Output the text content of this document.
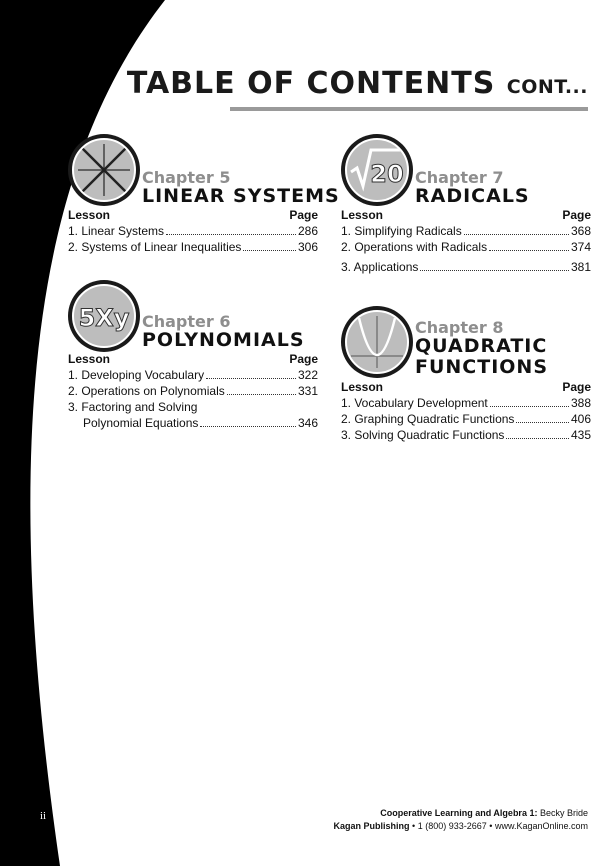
TABLE OF CONTENTS CONT...
Chapter 5
LINEAR SYSTEMS
Lesson	Page
1. Linear Systems	286
2. Systems of Linear Inequalities	306
5Xy Chapter 6
POLYNOMIALS
Lesson	Page
1. Developing Vocabulary	322
2. Operations on Polynomials	331
3. Factoring and Solving
Polynomial Equations	346
20 Chapter 7
RADICALS
Lesson	Page
1. Simplifying Radicals	368
2. Operations with Radicals	374
3. Applications	381
Chapter 8
QUADRATIC
FUNCTIONS
Lesson	Page
1. Vocabulary Development	388
2. Graphing Quadratic Functions	406
3. Solving Quadratic Functions	435
ii	Cooperative Learning and Algebra 1: Becky Bride
Kagan Publishing • 1 (800) 933-2667 • www.KaganOnline.com
